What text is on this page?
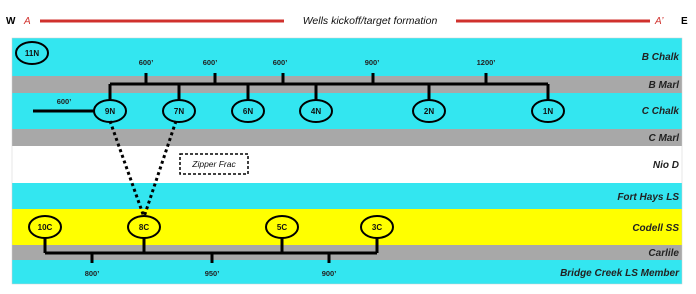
B Chalk
B Marl
C Chalk
C Marl
Nio D
Fort Hays LS
Codell SS
Carlile
Bridge Creek LS Member
W A	Wells kickoff/target formation	A’ E
Zipper Frac
600’
600’	600’	600’	900’	1200’
11N
9N	7N	6N	4N	2N	1N
800’	950’	900’
10C	8C	5C	3C
